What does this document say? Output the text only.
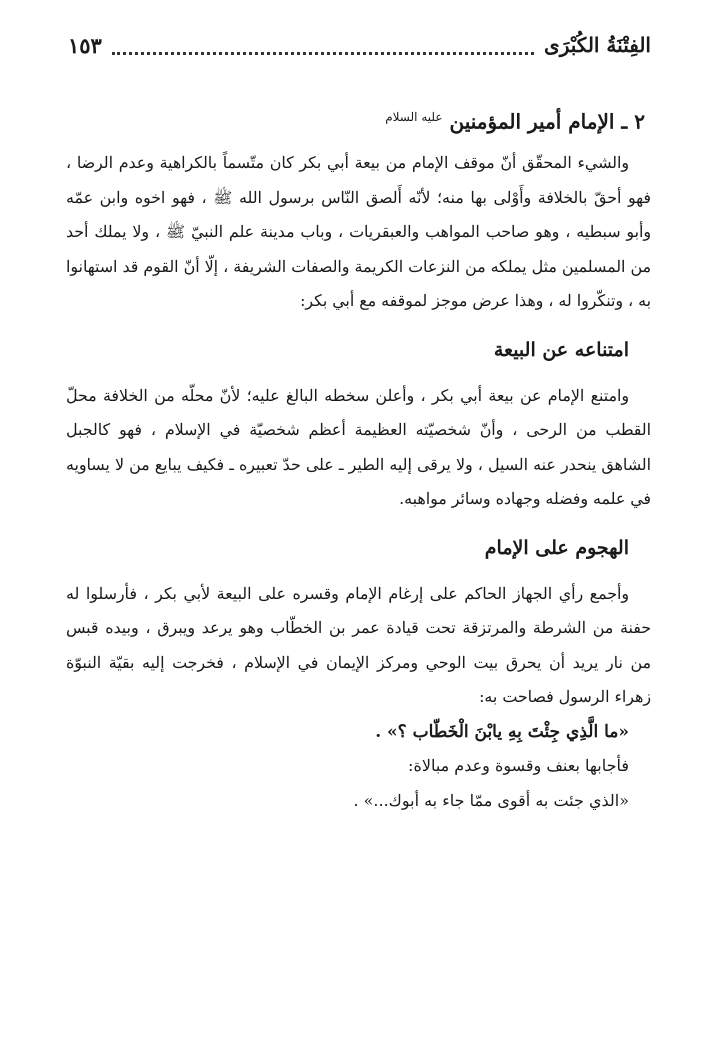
الفِتْنَةُ الكُبْرَى
١٥٣
٢ ـ الإمام أمير المؤمنين $^{عليه السلام}$

والشيء المحقّق أنّ موقف الإمام من بيعة أبي بكر كان متّسماً بالكراهية وعدم الرضا ، فهو أحقّ بالخلافة وأَوْلى بها منه؛ لأنّه أَلصق النّاس برسول الله ﷺ ، فهو اخوه وابن عمّه وأبو سبطيه ، وهو صاحب المواهب والعبقريات ، وباب مدينة علم النبيّ ﷺ ، ولا يملك أحد من المسلمين مثل يملكه من النزعات الكريمة والصفات الشريفة ، إلّا أنّ القوم قد استهانوا به ، وتنكّروا له ، وهذا عرض موجز لموقفه مع أبي بكر:

امتناعه عن البيعة

وامتنع الإمام عن بيعة أبي بكر ، وأعلن سخطه البالغ عليه؛ لأنّ محلّه من الخلافة محلّ القطب من الرحى ، وأنّ شخصيّته العظيمة أعظم شخصيّة في الإسلام ، فهو كالجبل الشاهق ينحدر عنه السيل ، ولا يرقى إليه الطير ـ على حدّ تعبيره ـ فكيف يبايع من لا يساويه في علمه وفضله وجهاده وسائر مواهبه.

الهجوم على الإمام

وأجمع رأي الجهاز الحاكم على إرغام الإمام وقسره على البيعة لأبي بكر ، فأرسلوا له حفنة من الشرطة والمرتزقة تحت قيادة عمر بن الخطّاب وهو يرعد ويبرق ، وبيده قبس من نار يريد أن يحرق بيت الوحي ومركز الإيمان في الإسلام ، فخرجت إليه بقيّة النبوّة زهراء الرسول فصاحت به:

«ما الَّذِي جِئْتَ بِهِ يابْنَ الْخَطّاب ؟» .

فأجابها بعنف وقسوة وعدم مبالاة:

«الذي جئت به أقوى ممّا جاء به أبوك...» .
